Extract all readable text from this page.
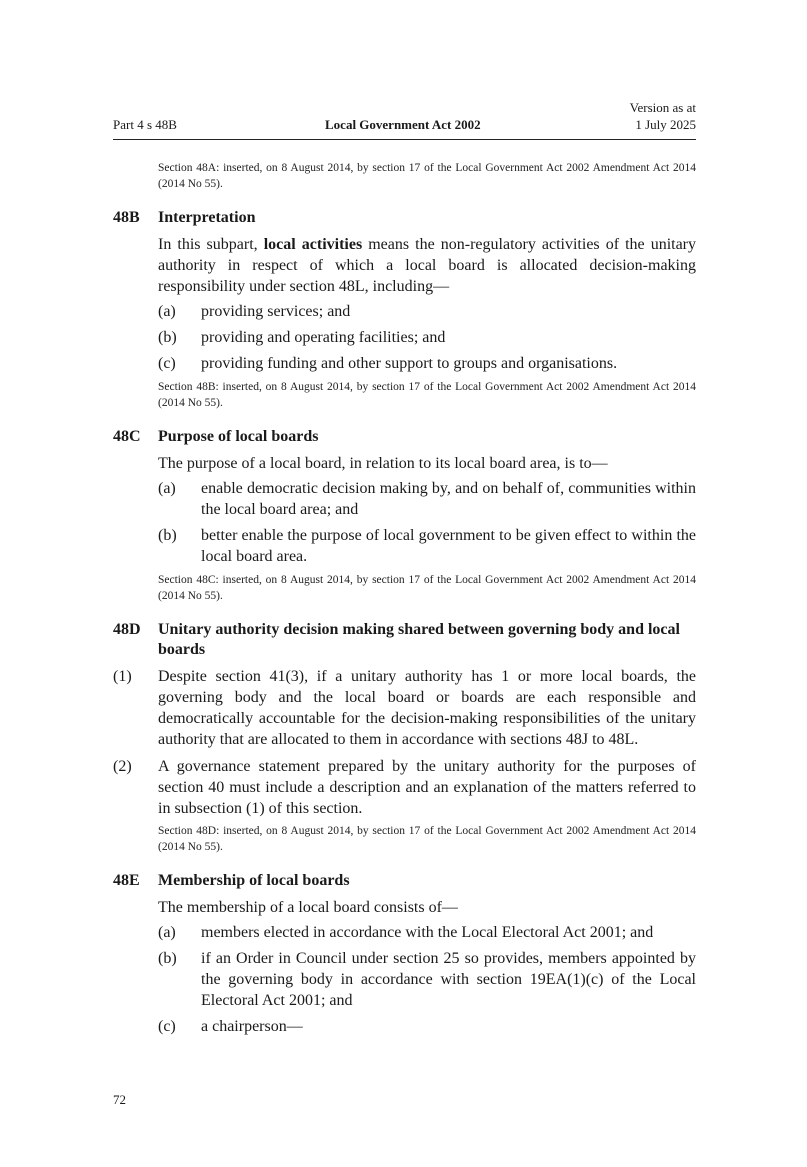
Part 4 s 48B	Local Government Act 2002
Version as at
1 July 2025
Section 48A: inserted, on 8 August 2014, by section 17 of the Local Government Act 2002 Amendment Act 2014 (2014 No 55).
48B	Interpretation
In this subpart, local activities means the non-regulatory activities of the unitary authority in respect of which a local board is allocated decision-making responsibility under section 48L, including—
(a)	providing services; and
(b)	providing and operating facilities; and
(c)	providing funding and other support to groups and organisations.
Section 48B: inserted, on 8 August 2014, by section 17 of the Local Government Act 2002 Amendment Act 2014 (2014 No 55).
48C	Purpose of local boards
The purpose of a local board, in relation to its local board area, is to—
(a)	enable democratic decision making by, and on behalf of, communities within the local board area; and
(b)	better enable the purpose of local government to be given effect to within the local board area.
Section 48C: inserted, on 8 August 2014, by section 17 of the Local Government Act 2002 Amendment Act 2014 (2014 No 55).
48D	Unitary authority decision making shared between governing body and local boards
(1)	Despite section 41(3), if a unitary authority has 1 or more local boards, the governing body and the local board or boards are each responsible and democratically accountable for the decision-making responsibilities of the unitary authority that are allocated to them in accordance with sections 48J to 48L.
(2)	A governance statement prepared by the unitary authority for the purposes of section 40 must include a description and an explanation of the matters referred to in subsection (1) of this section.
Section 48D: inserted, on 8 August 2014, by section 17 of the Local Government Act 2002 Amendment Act 2014 (2014 No 55).
48E	Membership of local boards
The membership of a local board consists of—
(a)	members elected in accordance with the Local Electoral Act 2001; and
(b)	if an Order in Council under section 25 so provides, members appointed by the governing body in accordance with section 19EA(1)(c) of the Local Electoral Act 2001; and
(c)	a chairperson—
72
